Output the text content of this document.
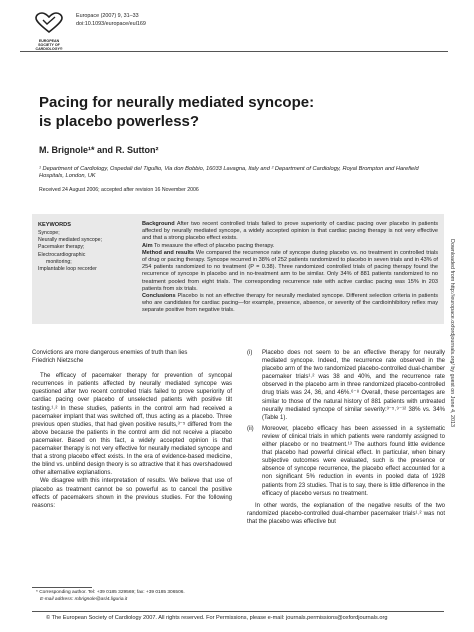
EUROPEAN SOCIETY OF CARDIOLOGY®
Europace (2007) 9, 31–33
doi:10.1093/europace/eul169
Pacing for neurally mediated syncope:
is placebo powerless?
M. Brignole¹* and R. Sutton²
¹ Department of Cardiology, Ospedali del Tigullio, Via don Bobbio, 16033 Lavagna, Italy and ² Department of Cardiology, Royal Brompton and Harefield Hospitals, London, UK
Received 24 August 2006; accepted after revision 16 November 2006
KEYWORDS
Syncope;
Neurally mediated syncope;
Pacemaker therapy;
Electrocardiographic
monitoring;
Implantable loop recorder

Background After two recent controlled trials failed to prove superiority of cardiac pacing over placebo in patients affected by neurally mediated syncope, a widely accepted opinion is that cardiac pacing therapy is not very effective and that a strong placebo effect exists.

Aim To measure the effect of placebo pacing therapy.

Method and results We compared the recurrence rate of syncope during placebo vs. no treatment in controlled trials of drug or pacing therapy. Syncope recurred in 38% of 252 patients randomized to placebo in seven trials and in 43% of 254 patients randomized to no treatment (P = 0.38). Three randomized controlled trials of pacing therapy found the recurrence of syncope in placebo and in no-treatment arm to be similar. Only 34% of 881 patients randomized to no treatment pooled from eight trials. The corresponding recurrence rate with active cardiac pacing was 15% in 203 patients from six trials.

Conclusions Placebo is not an effective therapy for neurally mediated syncope. Different selection criteria in patients who are candidates for cardiac pacing—for example, presence, absence, or severity of the cardioinhibitory reflex may separate positive from negative trials.

Convictions are more dangerous enemies of truth than lies
Friedrich Nietzsche

The efficacy of pacemaker therapy for prevention of syncopal recurrences in patients affected by neurally mediated syncope was questioned after two recent controlled trials failed to prove superiority of cardiac pacing over placebo of unselected patients with positive tilt testing.¹˒² In these studies, patients in the control arm had received a pacemaker implant that was switched off, thus acting as a placebo. Three previous open studies, that had given positive results,³⁻⁵ differed from the above because the patients in the control arm did not receive a placebo pacemaker. Based on this fact, a widely accepted opinion is that pacemaker therapy is not very effective for neurally mediated syncope and that a strong placebo effect exists. In the era of evidence-based medicine, the blind vs. unblind design theory is so attractive that it has overshadowed other alternative explanations.

We disagree with this interpretation of results. We believe that use of placebo as treatment cannot be so powerful as to cancel the positive effects of pacemakers shown in the previous studies. For the following reasons:

* Corresponding author. Tel: +39 0185 329569; fax: +39 0185 306506.
E-mail address: mbrignole@asl4.liguria.it
(i)	Placebo does not seem to be an effective therapy for neurally mediated syncope. Indeed, the recurrence rate observed in the placebo arm of the two randomized placebo-controlled dual-chamber pacemaker trials¹˒² was 38 and 40%, and the recurrence rate observed in the placebo arm in three randomized placebo-controlled drug trials was 24, 36, and 46%.⁶⁻⁸ Overall, these percentages are similar to those of the natural history of 881 patients with untreated neurally mediated syncope of similar severity:³⁻⁵˒⁹⁻¹² 38% vs. 34% (Table 1).
(ii)	Moreover, placebo efficacy has been assessed in a systematic review of clinical trials in which patients were randomly assigned to either placebo or no treatment.¹³ The authors found little evidence that placebo had powerful clinical effect. In particular, when binary subjective outcomes were evaluated, such is the presence or absence of syncope recurrence, the placebo effect accounted for a non significant 5% reduction in events in pooled data of 1928 patients from 23 studies. That is to say, there is little difference in the efficacy of placebo versus no treatment.

In other words, the explanation of the negative results of the two randomized placebo-controlled dual-chamber pacemaker trials¹˒² was not that the placebo was effective but

© The European Society of Cardiology 2007. All rights reserved. For Permissions, please e-mail: journals.permissions@oxfordjournals.org
Downloaded from http://europace.oxfordjournals.org/ by guest on June 4, 2013
